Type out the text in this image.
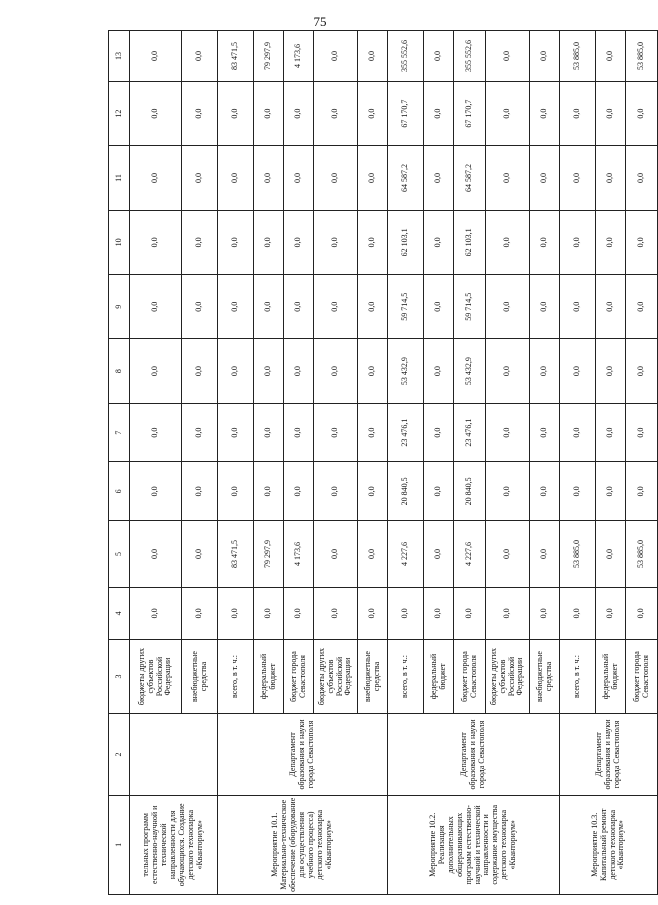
75
1	2	3	4	5	6	7	8	9	10	11	12	13
тельных программ естественно-научной и технической направленности для обучающихся. Создание детского технопарка «Кванториум»		бюджеты других субъектов Российской Федерации	0,0	0,0	0,0	0,0	0,0	0,0	0,0	0,0	0,0	0,0
		внебюджетные средства	0,0	0,0	0,0	0,0	0,0	0,0	0,0	0,0	0,0	0,0
Мероприятие 10.1. Материально-техническое обеспечение (оборудование для осуществления учебного процесса) детского технопарка «Кванториум»	Департамент образования и науки города Севастополя	всего, в т. ч.:	0,0	83 471,5	0,0	0,0	0,0	0,0	0,0	0,0	0,0	83 471,5
		федеральный бюджет	0,0	79 297,9	0,0	0,0	0,0	0,0	0,0	0,0	0,0	79 297,9
		бюджет города Севастополя	0,0	4 173,6	0,0	0,0	0,0	0,0	0,0	0,0	0,0	4 173,6
		бюджеты других субъектов Российской Федерации	0,0	0,0	0,0	0,0	0,0	0,0	0,0	0,0	0,0	0,0
		внебюджетные средства	0,0	0,0	0,0	0,0	0,0	0,0	0,0	0,0	0,0	0,0
Мероприятие 10.2. Реализация дополнительных общеразвивающих программ естественно-научной и технической направленности и содержание имущества детского технопарка «Кванториум»	Департамент образования и науки города Севастополя	всего, в т. ч.:	0,0	4 227,6	20 840,5	23 476,1	53 432,9	59 714,5	62 103,1	64 587,2	67 170,7	355 552,6
		федеральный бюджет	0,0	0,0	0,0	0,0	0,0	0,0	0,0	0,0	0,0	0,0
		бюджет города Севастополя	0,0	4 227,6	20 840,5	23 476,1	53 432,9	59 714,5	62 103,1	64 587,2	67 170,7	355 552,6
		бюджеты других субъектов Российской Федерации	0,0	0,0	0,0	0,0	0,0	0,0	0,0	0,0	0,0	0,0
		внебюджетные средства	0,0	0,0	0,0	0,0	0,0	0,0	0,0	0,0	0,0	0,0
Мероприятие 10.3. Капитальный ремонт детского технопарка «Кванториум»	Департамент образования и науки города Севастополя	всего, в т. ч.:	0,0	53 885,0	0,0	0,0	0,0	0,0	0,0	0,0	0,0	53 885,0
		федеральный бюджет	0,0	0,0	0,0	0,0	0,0	0,0	0,0	0,0	0,0	0,0
		бюджет города Севастополя	0,0	53 885,0	0,0	0,0	0,0	0,0	0,0	0,0	0,0	53 885,0
